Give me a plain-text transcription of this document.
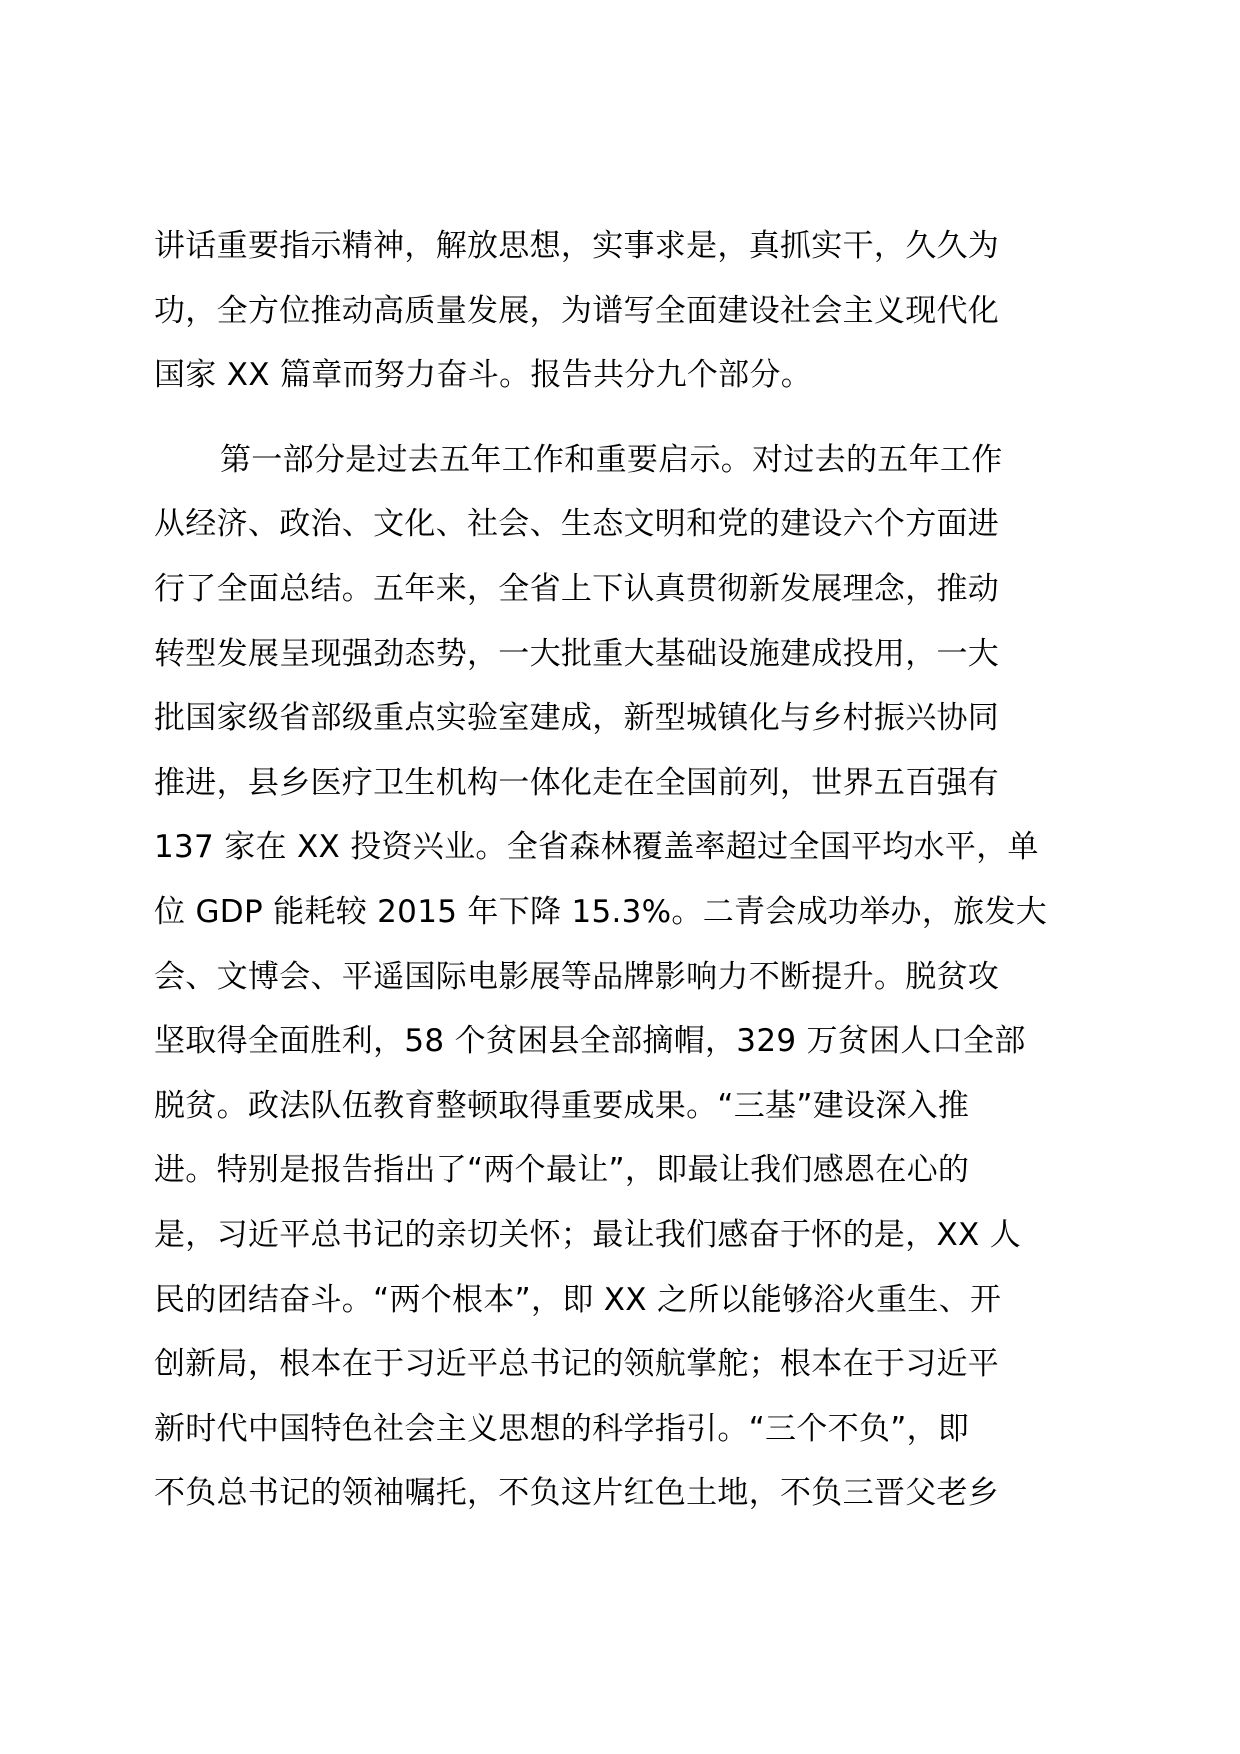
讲话重要指示精神，解放思想，实事求是，真抓实干，久久为
功，全方位推动高质量发展，为谱写全面建设社会主义现代化
国家 XX 篇章而努力奋斗。报告共分九个部分。
第一部分是过去五年工作和重要启示。对过去的五年工作
从经济、政治、文化、社会、生态文明和党的建设六个方面进
行了全面总结。五年来，全省上下认真贯彻新发展理念，推动
转型发展呈现强劲态势，一大批重大基础设施建成投用，一大
批国家级省部级重点实验室建成，新型城镇化与乡村振兴协同
推进，县乡医疗卫生机构一体化走在全国前列，世界五百强有
137 家在 XX 投资兴业。全省森林覆盖率超过全国平均水平，单
位 GDP 能耗较 2015 年下降 15.3%。二青会成功举办，旅发大
会、文博会、平遥国际电影展等品牌影响力不断提升。脱贫攻
坚取得全面胜利，58 个贫困县全部摘帽，329 万贫困人口全部
脱贫。政法队伍教育整顿取得重要成果。“三基”建设深入推
进。特别是报告指出了“两个最让”，即最让我们感恩在心的
是，习近平总书记的亲切关怀；最让我们感奋于怀的是，XX 人
民的团结奋斗。“两个根本”，即 XX 之所以能够浴火重生、开
创新局，根本在于习近平总书记的领航掌舵；根本在于习近平
新时代中国特色社会主义思想的科学指引。“三个不负”，即
不负总书记的领袖嘱托，不负这片红色土地，不负三晋父老乡
